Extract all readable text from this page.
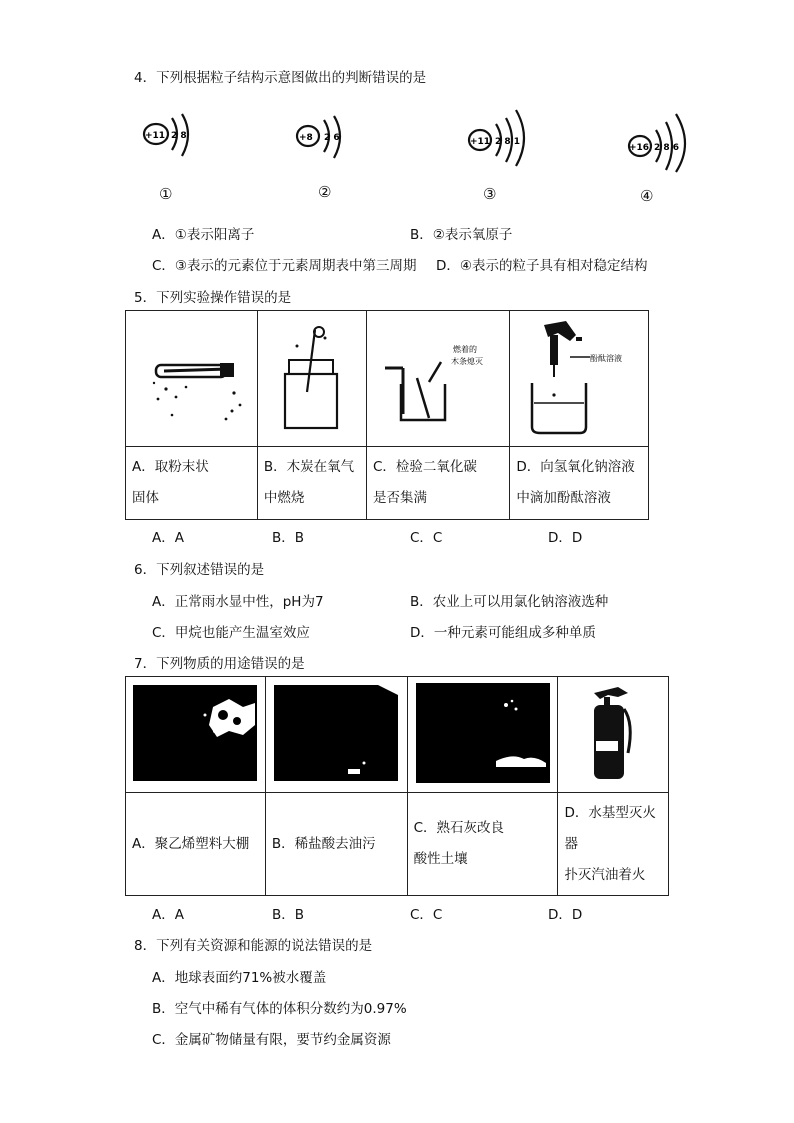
4．下列根据粒子结构示意图做出的判断错误的是
+11 2 8
①
+8 2 6
②
+11 2 8 1
③
+16 2 8 6
④
A．①表示阳离子	B．②表示氧原子
C．③表示的元素位于元素周期表中第三周期 D．④表示的粒子具有相对稳定结构
5．下列实验操作错误的是

燃着的
木条熄灭	酚酞溶液

A．取粉末状
固体	B．木炭在氧气
中燃烧	C．检验二氧化碳
是否集满	D．向氢氧化钠溶液
中滴加酚酞溶液
A．A	B．B	C．C	D．D
6．下列叙述错误的是
A．正常雨水显中性，pH为7	B．农业上可以用氯化钠溶液选种
C．甲烷也能产生温室效应	D．一种元素可能组成多种单质
7．下列物质的用途错误的是

A．聚乙烯塑料大棚	B．稀盐酸去油污	C．熟石灰改良
酸性土壤	D．水基型灭火
器
扑灭汽油着火
A．A	B．B	C．C	D．D
8．下列有关资源和能源的说法错误的是
A．地球表面约71%被水覆盖
B．空气中稀有气体的体积分数约为0.97%
C．金属矿物储量有限，要节约金属资源
